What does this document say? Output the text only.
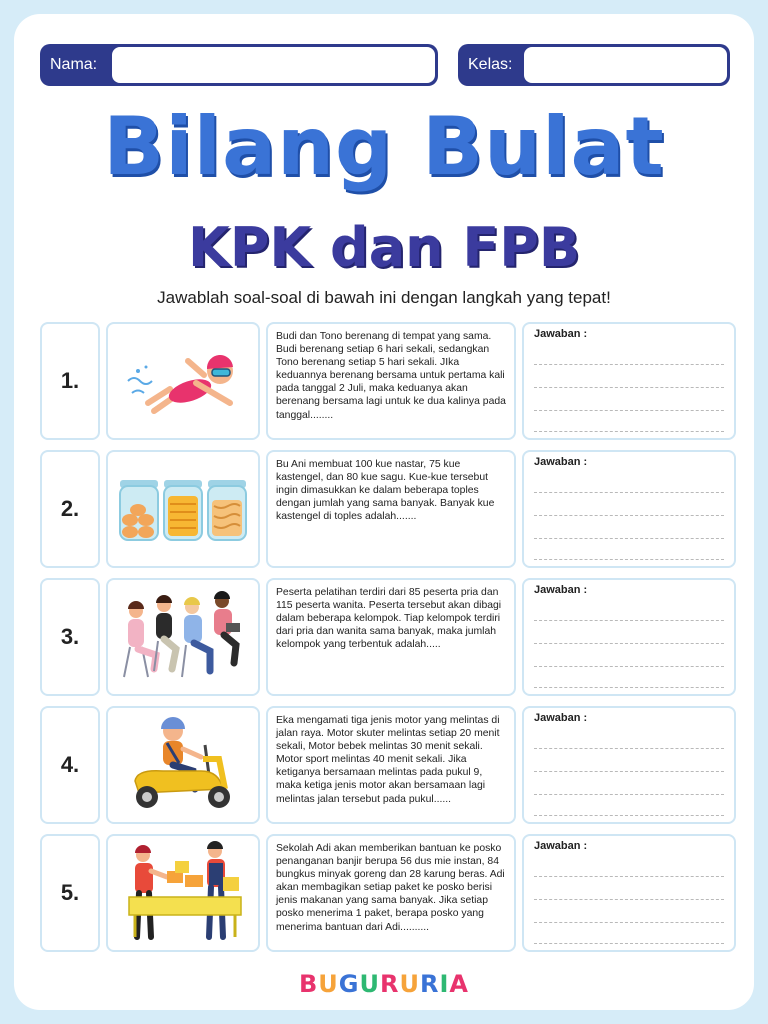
Nama:	Kelas:
Bilang Bulat
KPK dan FPB
Jawablah soal-soal di bawah ini dengan langkah yang tepat!
1.

Budi dan Tono berenang di tempat yang sama. Budi berenang setiap 6 hari sekali, sedangkan Tono berenang setiap 5 hari sekali. JIka keduannya berenang bersama untuk pertama kali pada tanggal 2 Juli, maka keduanya akan berenang bersama lagi untuk ke dua kalinya pada tanggal........

Jawaban :
2.

Bu Ani membuat 100 kue nastar, 75 kue kastengel, dan 80 kue sagu. Kue-kue tersebut ingin dimasukkan ke dalam beberapa toples dengan jumlah yang sama banyak. Banyak kue kastengel di toples adalah.......

Jawaban :
3.

Peserta pelatihan terdiri dari 85 peserta pria dan 115 peserta wanita. Peserta tersebut akan dibagi dalam beberapa kelompok. Tiap kelompok terdiri dari pria dan wanita sama banyak, maka jumlah kelompok yang terbentuk adalah.....

Jawaban :
4.

Eka mengamati tiga jenis motor yang melintas di jalan raya. Motor skuter melintas setiap 20 menit sekali, Motor bebek melintas 30 menit sekali. Motor sport melintas 40 menit sekali. Jika ketiganya bersamaan melintas pada pukul 9, maka ketiga jenis motor akan bersamaan lagi melintas jalan tersebut pada pukul......

Jawaban :
5.

Sekolah Adi akan memberikan bantuan ke posko penanganan banjir berupa 56 dus mie instan, 84 bungkus minyak goreng dan 28 karung beras. Adi akan membagikan setiap paket ke posko berisi jenis makanan yang sama banyak. Jika setiap posko menerima 1 paket, berapa posko yang menerima bantuan dari Adi..........

Jawaban :
BUGURURIA
